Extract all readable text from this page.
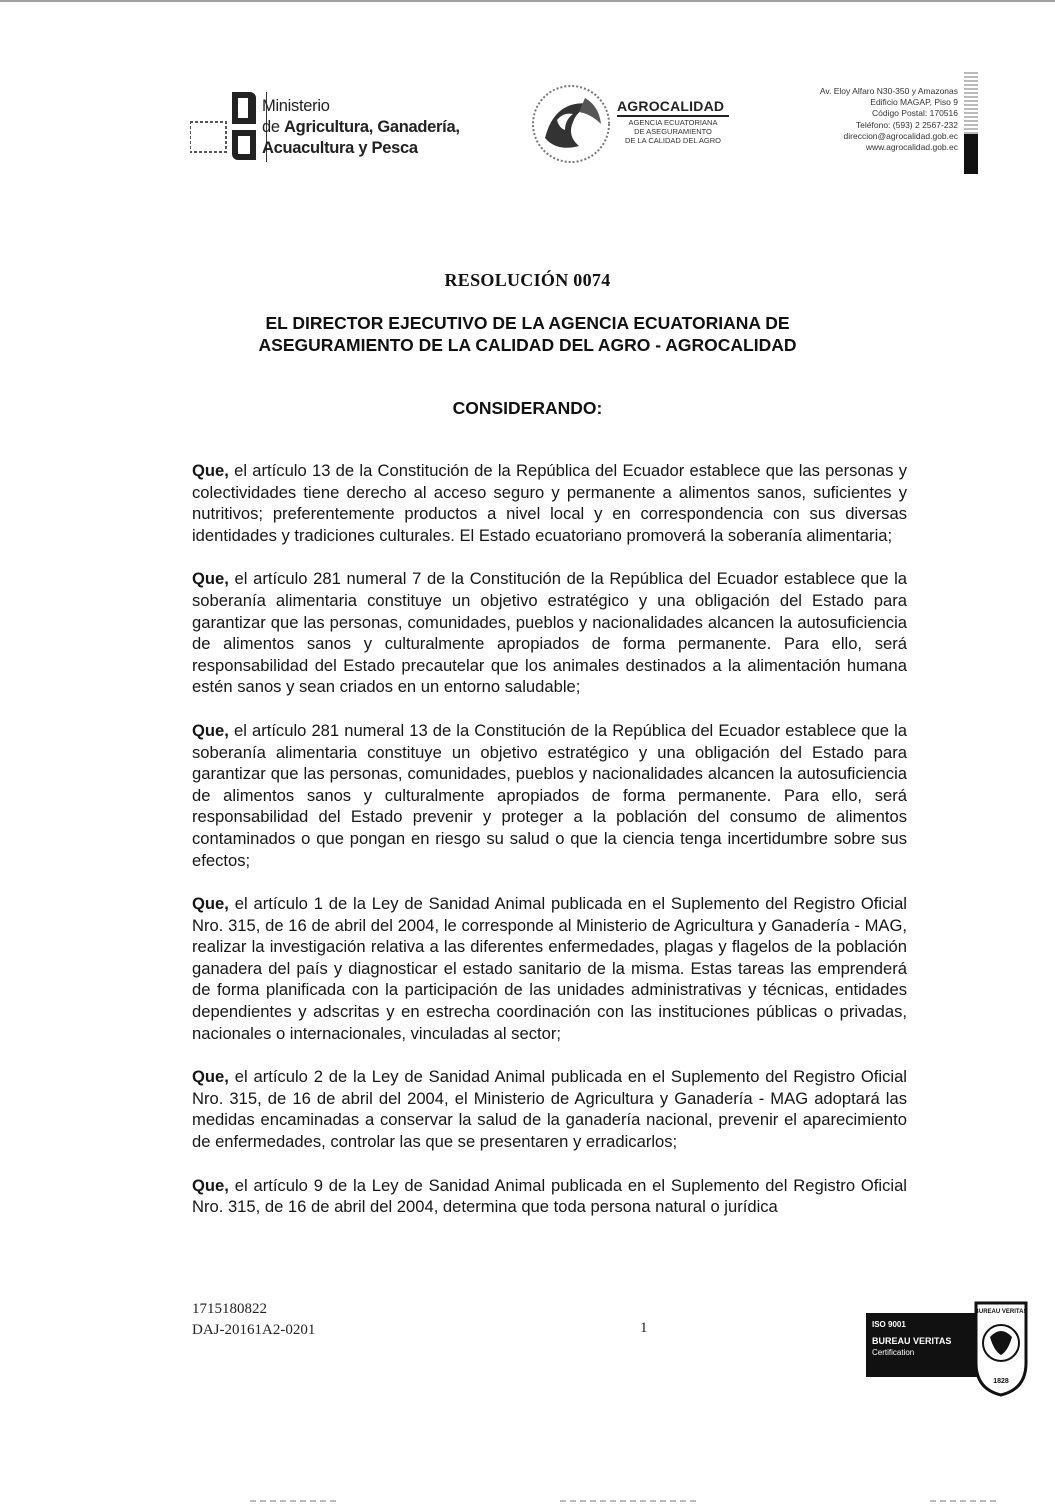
Ministerio
de Agricultura, Ganadería,
Acuacultura y Pesca
AGROCALIDAD
AGENCIA ECUATORIANA
DE ASEGURAMIENTO
DE LA CALIDAD DEL AGRO
Av. Eloy Alfaro N30-350 y Amazonas
Edificio MAGAP, Piso 9
Código Postal: 170516
Teléfono: (593) 2 2567-232
direccion@agrocalidad.gob.ec
www.agrocalidad.gob.ec
RESOLUCIÓN 0074
EL DIRECTOR EJECUTIVO DE LA AGENCIA ECUATORIANA DE
ASEGURAMIENTO DE LA CALIDAD DEL AGRO - AGROCALIDAD
CONSIDERANDO:

Que, el artículo 13 de la Constitución de la República del Ecuador establece que las personas y colectividades tiene derecho al acceso seguro y permanente a alimentos sanos, suficientes y nutritivos; preferentemente productos a nivel local y en correspondencia con sus diversas identidades y tradiciones culturales. El Estado ecuatoriano promoverá la soberanía alimentaria;

Que, el artículo 281 numeral 7 de la Constitución de la República del Ecuador establece que la soberanía alimentaria constituye un objetivo estratégico y una obligación del Estado para garantizar que las personas, comunidades, pueblos y nacionalidades alcancen la autosuficiencia de alimentos sanos y culturalmente apropiados de forma permanente. Para ello, será responsabilidad del Estado precautelar que los animales destinados a la alimentación humana estén sanos y sean criados en un entorno saludable;

Que, el artículo 281 numeral 13 de la Constitución de la República del Ecuador establece que la soberanía alimentaria constituye un objetivo estratégico y una obligación del Estado para garantizar que las personas, comunidades, pueblos y nacionalidades alcancen la autosuficiencia de alimentos sanos y culturalmente apropiados de forma permanente. Para ello, será responsabilidad del Estado prevenir y proteger a la población del consumo de alimentos contaminados o que pongan en riesgo su salud o que la ciencia tenga incertidumbre sobre sus efectos;

Que, el artículo 1 de la Ley de Sanidad Animal publicada en el Suplemento del Registro Oficial Nro. 315, de 16 de abril del 2004, le corresponde al Ministerio de Agricultura y Ganadería - MAG, realizar la investigación relativa a las diferentes enfermedades, plagas y flagelos de la población ganadera del país y diagnosticar el estado sanitario de la misma. Estas tareas las emprenderá de forma planificada con la participación de las unidades administrativas y técnicas, entidades dependientes y adscritas y en estrecha coordinación con las instituciones públicas o privadas, nacionales o internacionales, vinculadas al sector;

Que, el artículo 2 de la Ley de Sanidad Animal publicada en el Suplemento del Registro Oficial Nro. 315, de 16 de abril del 2004, el Ministerio de Agricultura y Ganadería - MAG adoptará las medidas encaminadas a conservar la salud de la ganadería nacional, prevenir el aparecimiento de enfermedades, controlar las que se presentaren y erradicarlos;

Que, el artículo 9 de la Ley de Sanidad Animal publicada en el Suplemento del Registro Oficial Nro. 315, de 16 de abril del 2004, determina que toda persona natural o jurídica

1715180822
DAJ-20161A2-0201	1	ISO 9001
BUREAU VERITAS
Certification
BUREAU VERITAS
1828
